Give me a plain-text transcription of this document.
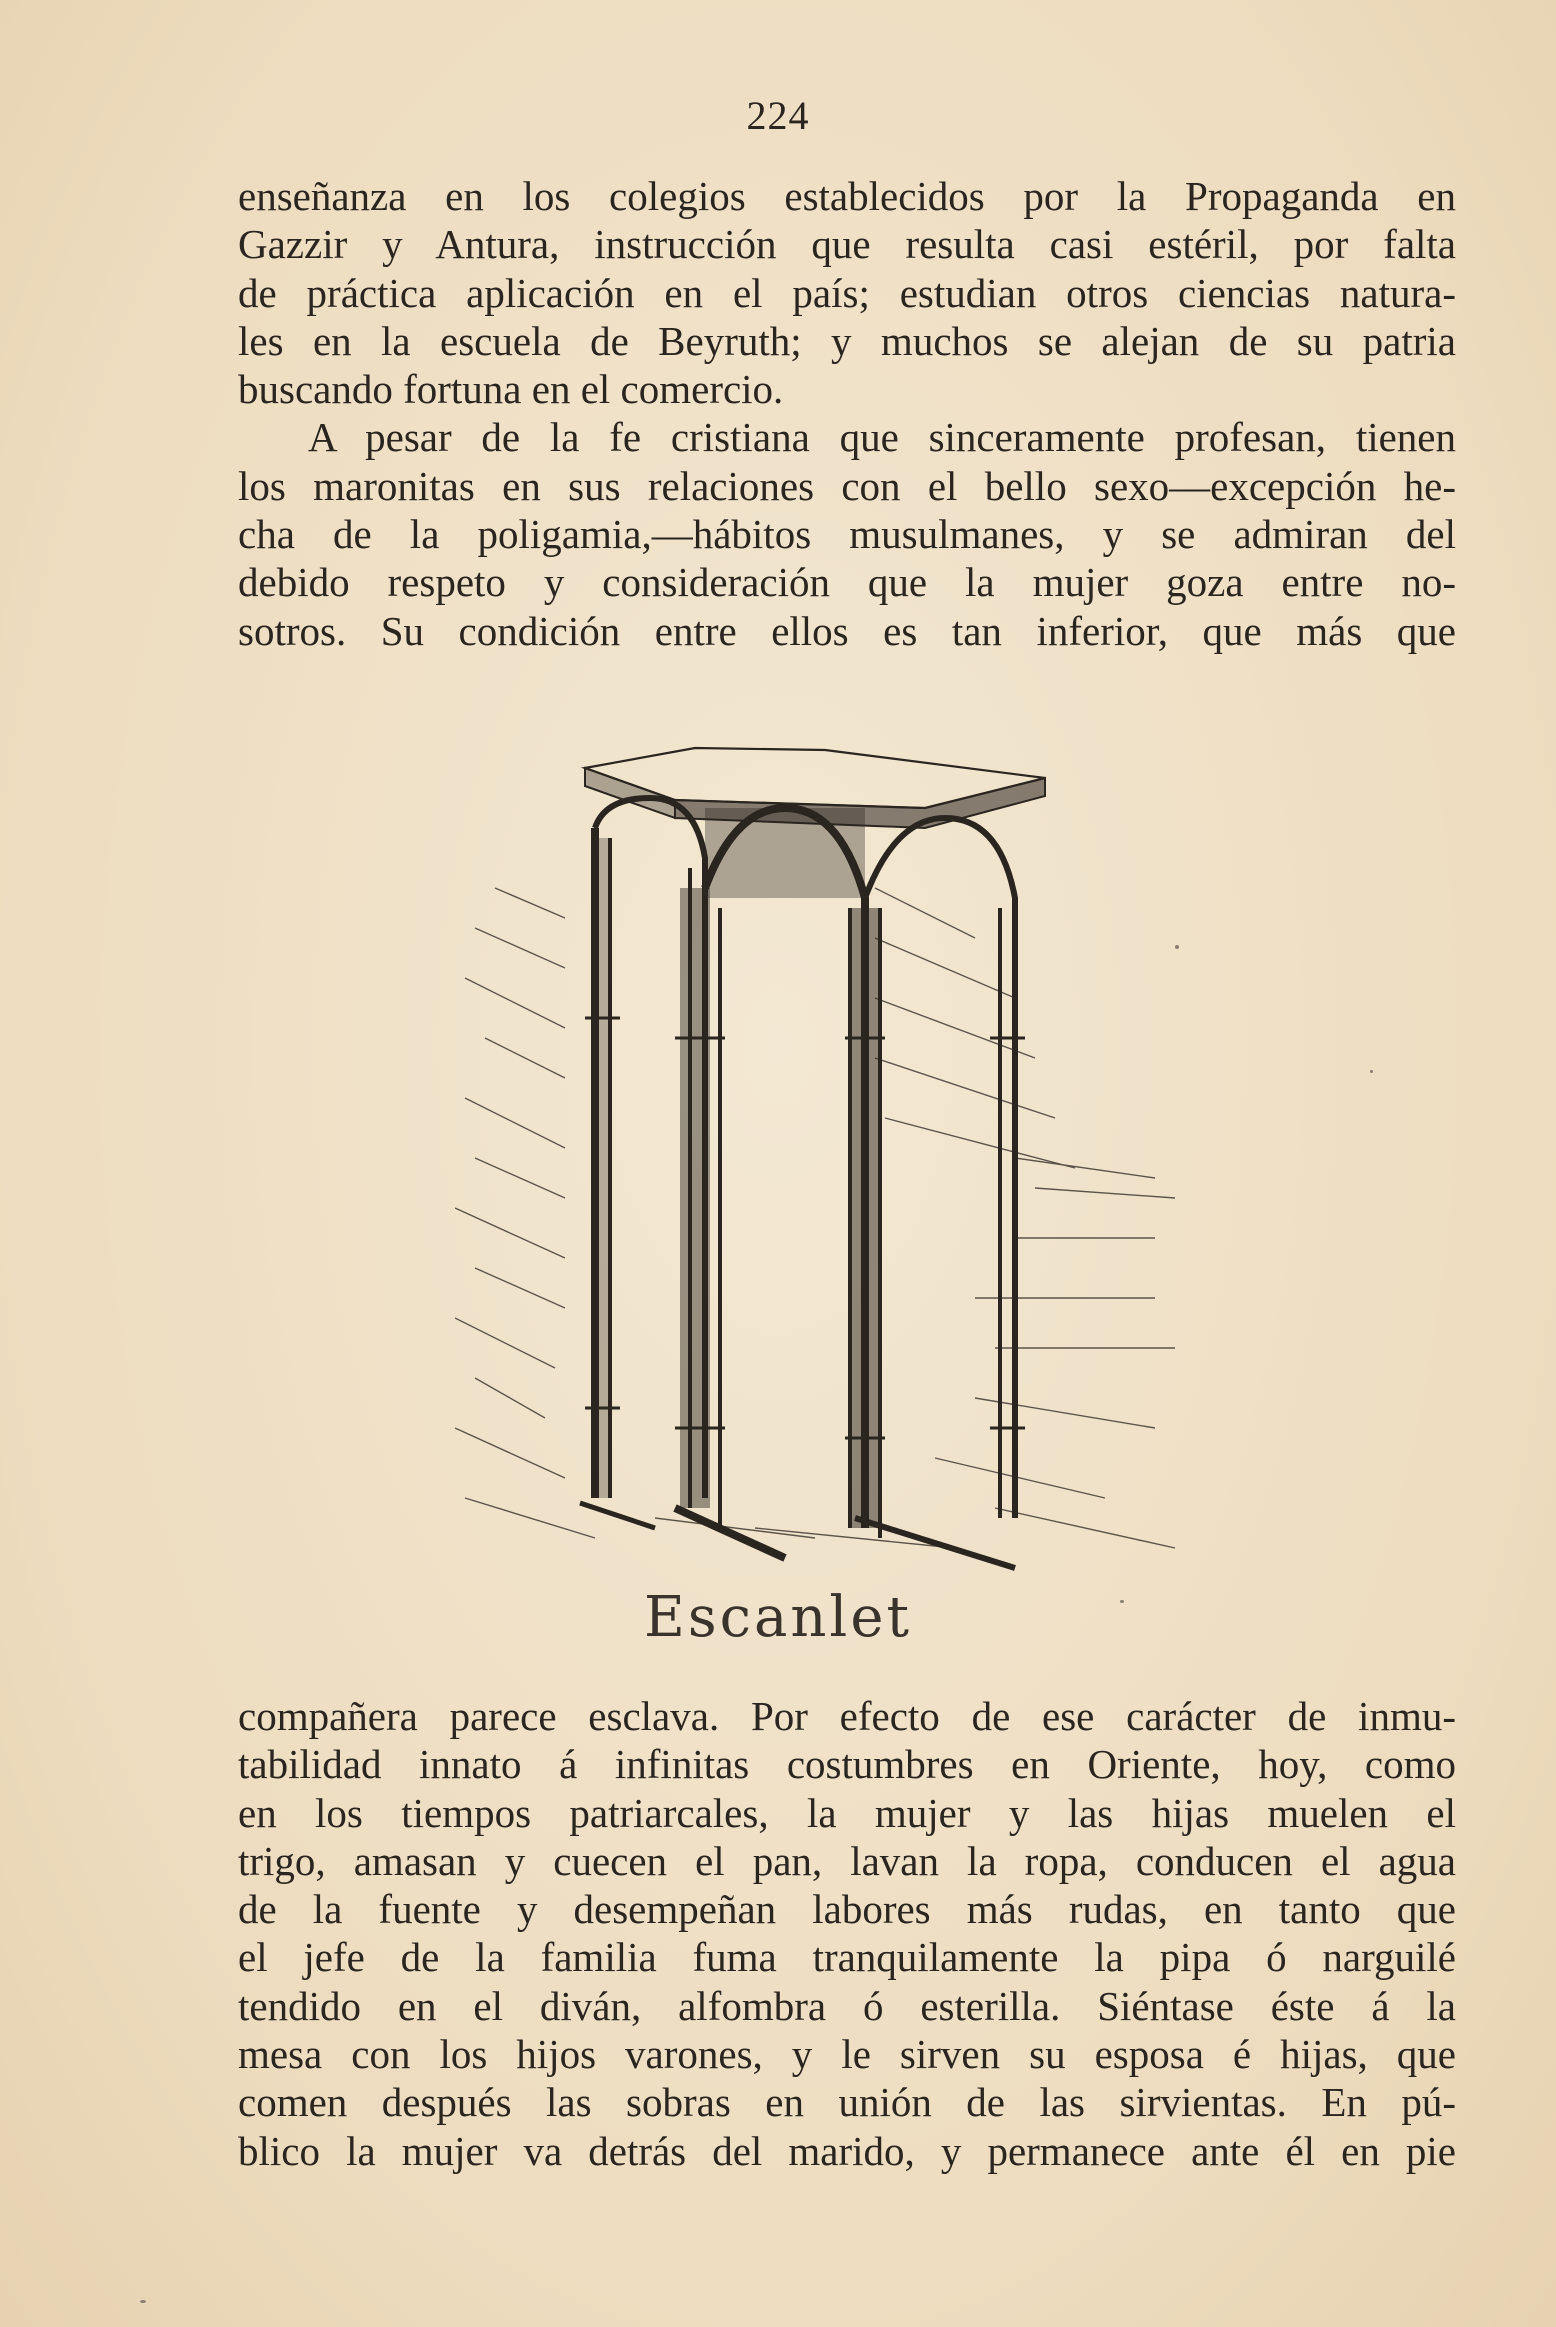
224
enseñanza en los colegios establecidos por la Propaganda en
Gazzir y Antura, instrucción que resulta casi estéril, por falta
de práctica aplicación en el país; estudian otros ciencias natura-
les en la escuela de Beyruth; y muchos se alejan de su patria
buscando fortuna en el comercio.
A pesar de la fe cristiana que sinceramente profesan, tienen
los maronitas en sus relaciones con el bello sexo—excepción he-
cha de la poligamia,—hábitos musulmanes, y se admiran del
debido respeto y consideración que la mujer goza entre no-
sotros. Su condición entre ellos es tan inferior, que más que
Escanlet
compañera parece esclava. Por efecto de ese carácter de inmu-
tabilidad innato á infinitas costumbres en Oriente, hoy, como
en los tiempos patriarcales, la mujer y las hijas muelen el
trigo, amasan y cuecen el pan, lavan la ropa, conducen el agua
de la fuente y desempeñan labores más rudas, en tanto que
el jefe de la familia fuma tranquilamente la pipa ó narguilé
tendido en el diván, alfombra ó esterilla. Siéntase éste á la
mesa con los hijos varones, y le sirven su esposa é hijas, que
comen después las sobras en unión de las sirvientas. En pú-
blico la mujer va detrás del marido, y permanece ante él en pie
